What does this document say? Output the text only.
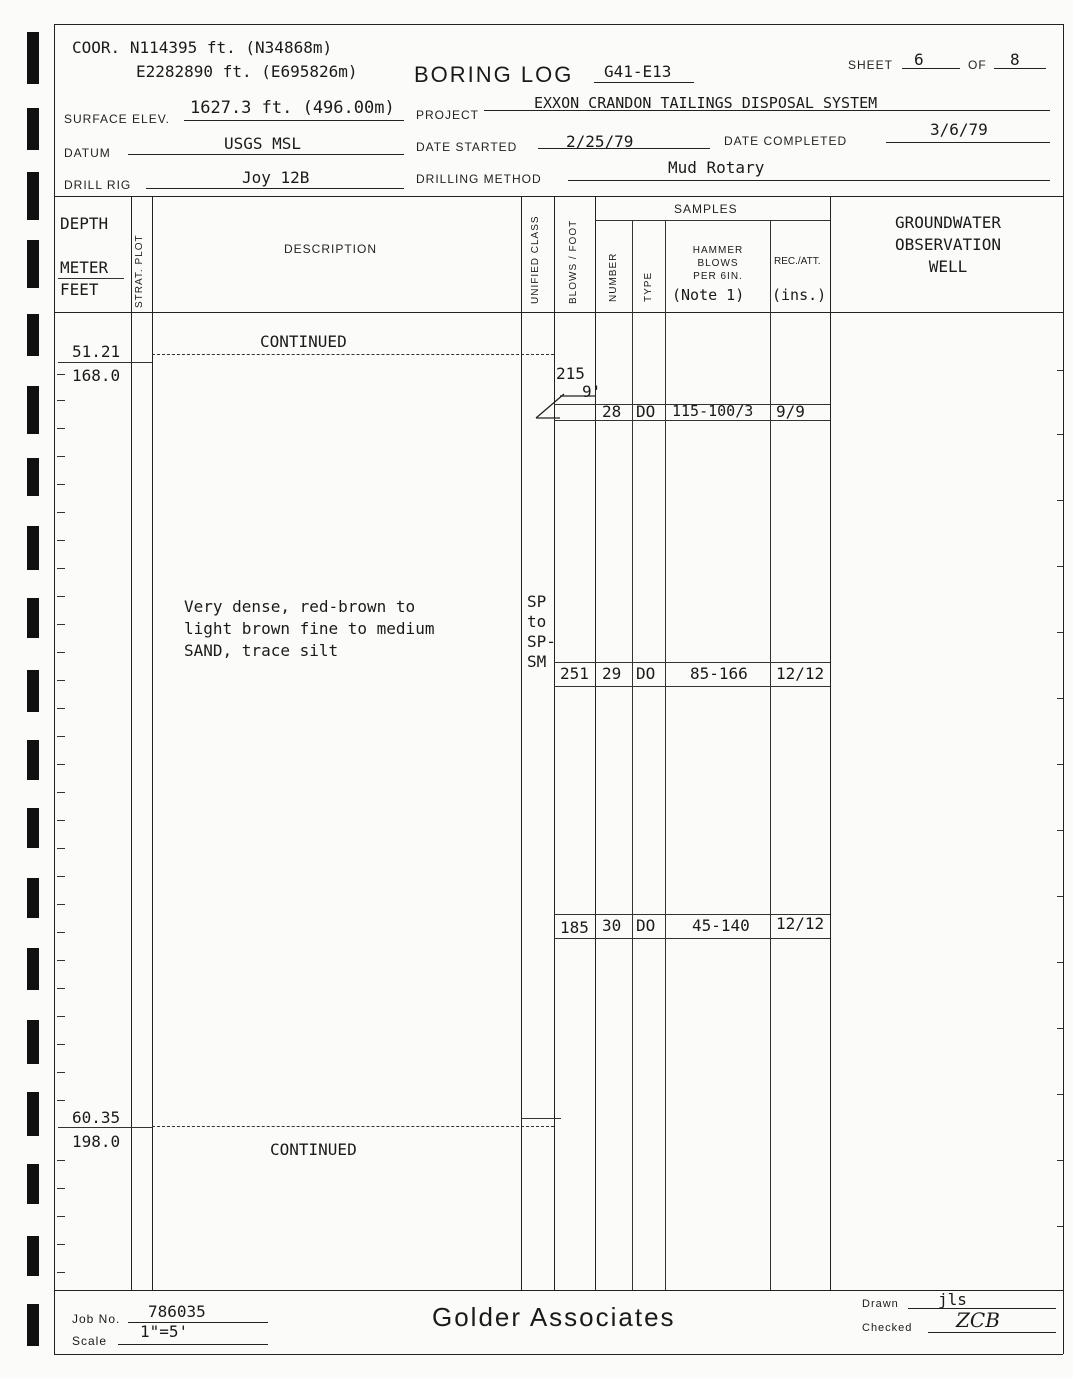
COOR. N114395 ft. (N34868m)
E2282890 ft. (E695826m)	BORING LOG G41-E13	SHEET 6	OF 8
SURFACE ELEV.
1627.3 ft. (496.00m) PROJECT
EXXON CRANDON TAILINGS DISPOSAL SYSTEM
DATUM	USGS MSL	DATE STARTED	2/25/79	DATE COMPLETED
3/6/79
DRILL RIG	Joy 12B	DRILLING METHOD
Mud Rotary
DEPTH
METER
FEET	STRAT. PLOT	DESCRIPTION	UNIFIED CLASS	BLOWS / FOOT
SAMPLES
NUMBER TYPE
HAMMER
BLOWS
PER 6IN.
(Note 1)
REC./ATT.
(ins.)
GROUNDWATER
OBSERVATION
WELL
51.21
168.0
CONTINUED
215
9'
28 DO 115-100/3 9/9
Very dense, red-brown to
light brown fine to medium
SAND, trace silt
SP
to
SP-
SM
251 29 DO 85-166 12/12
185 30 DO 45-140 12/12
60.35
198.0	CONTINUED
Job No. 786035
Scale 1"=5'	Golder Associates	Drawn jls
Checked ZCB
